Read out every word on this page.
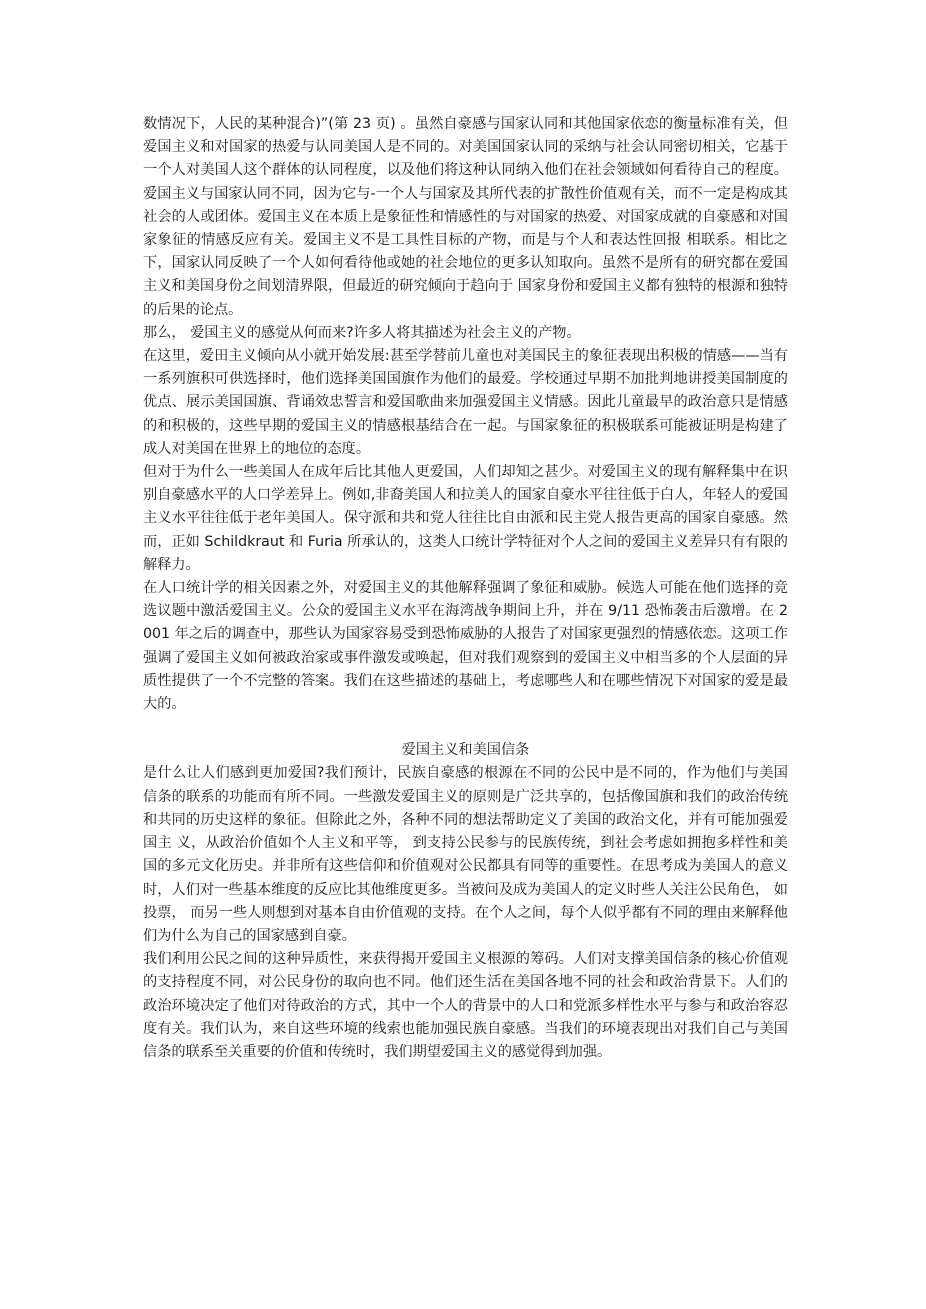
数情况下，人民的某种混合)”(第 23 页) 。虽然自豪感与国家认同和其他国家依恋的衡量标准有关，但爱国主义和对国家的热爱与认同美国人是不同的。对美国国家认同的采纳与社会认同密切相关，它基于一个人对美国人这个群体的认同程度，以及他们将这种认同纳入他们在社会领域如何看待自己的程度。爱国主义与国家认同不同，因为它与-一个人与国家及其所代表的扩散性价值观有关，而不一定是构成其社会的人或团体。爱国主义在本质上是象征性和情感性的与对国家的热爱、对国家成就的自豪感和对国家象征的情感反应有关。爱国主义不是工具性目标的产物，而是与个人和表达性回报 相联系。相比之下，国家认同反映了一个人如何看待他或她的社会地位的更多认知取向。虽然不是所有的研究都在爱国主义和美国身份之间划清界限，但最近的研究倾向于趋向于 国家身份和爱国主义都有独特的根源和独特的后果的论点。

那么， 爱国主义的感觉从何而来?许多人将其描述为社会主义的产物。

在这里，爱田主义倾向从小就开始发展:甚至学替前儿童也对美国民主的象征表现出积极的情感——当有一系列旗积可供选择时，他们选择美国国旗作为他们的最爱。学校通过早期不加批判地讲授美国制度的优点、展示美国国旗、背诵效忠誓言和爱国歌曲来加强爱国主义情感。因此儿童最早的政治意只是情感的和积极的，这些早期的爱国主义的情感根基结合在一起。与国家象征的积极联系可能被证明是构建了成人对美国在世界上的地位的态度。

但对于为什么一些美国人在成年后比其他人更爱国，人们却知之甚少。对爱国主义的现有解释集中在识别自豪感水平的人口学差异上。例如,非裔美国人和拉美人的国家自豪水平往往低于白人，年轻人的爱国主义水平往往低于老年美国人。保守派和共和党人往往比自由派和民主党人报告更高的国家自豪感。然而，正如 Schildkraut 和 Furia 所承认的，这类人口统计学特征对个人之间的爱国主义差异只有有限的解释力。

在人口统计学的相关因素之外，对爱国主义的其他解释强调了象征和威胁。候选人可能在他们选择的竞选议题中激活爱国主义。公众的爱国主义水平在海湾战争期间上升，并在 9/11 恐怖袭击后激增。在 2001 年之后的调查中，那些认为国家容易受到恐怖威胁的人报告了对国家更强烈的情感依恋。这项工作强调了爱国主义如何被政治家或事件激发或唤起，但对我们观察到的爱国主义中相当多的个人层面的异质性提供了一个不完整的答案。我们在这些描述的基础上，考虑哪些人和在哪些情况下对国家的爱是最大的。

爱国主义和美国信条

是什么让人们感到更加爱国?我们预计，民族自豪感的根源在不同的公民中是不同的，作为他们与美国信条的联系的功能而有所不同。一些激发爱国主义的原则是广泛共享的，包括像国旗和我们的政治传统和共同的历史这样的象征。但除此之外，各种不同的想法帮助定义了美国的政治文化，并有可能加强爱国主 义，从政治价值如个人主义和平等， 到支持公民参与的民族传统，到社会考虑如拥抱多样性和美国的多元文化历史。并非所有这些信仰和价值观对公民都具有同等的重要性。在思考成为美国人的意义时，人们对一些基本维度的反应比其他维度更多。当被问及成为美国人的定义时些人关注公民角色， 如投票， 而另一些人则想到对基本自由价值观的支持。在个人之间，每个人似乎都有不同的理由来解释他们为什么为自己的国家感到自豪。

我们利用公民之间的这种异质性，来获得揭开爱国主义根源的筹码。人们对支撑美国信条的核心价值观的支持程度不同，对公民身份的取向也不同。他们还生活在美国各地不同的社会和政治背景下。人们的政治环境决定了他们对待政治的方式，其中一个人的背景中的人口和党派多样性水平与参与和政治容忍度有关。我们认为，来自这些环境的线索也能加强民族自豪感。当我们的环境表现出对我们自己与美国信条的联系至关重要的价值和传统时，我们期望爱国主义的感觉得到加强。
